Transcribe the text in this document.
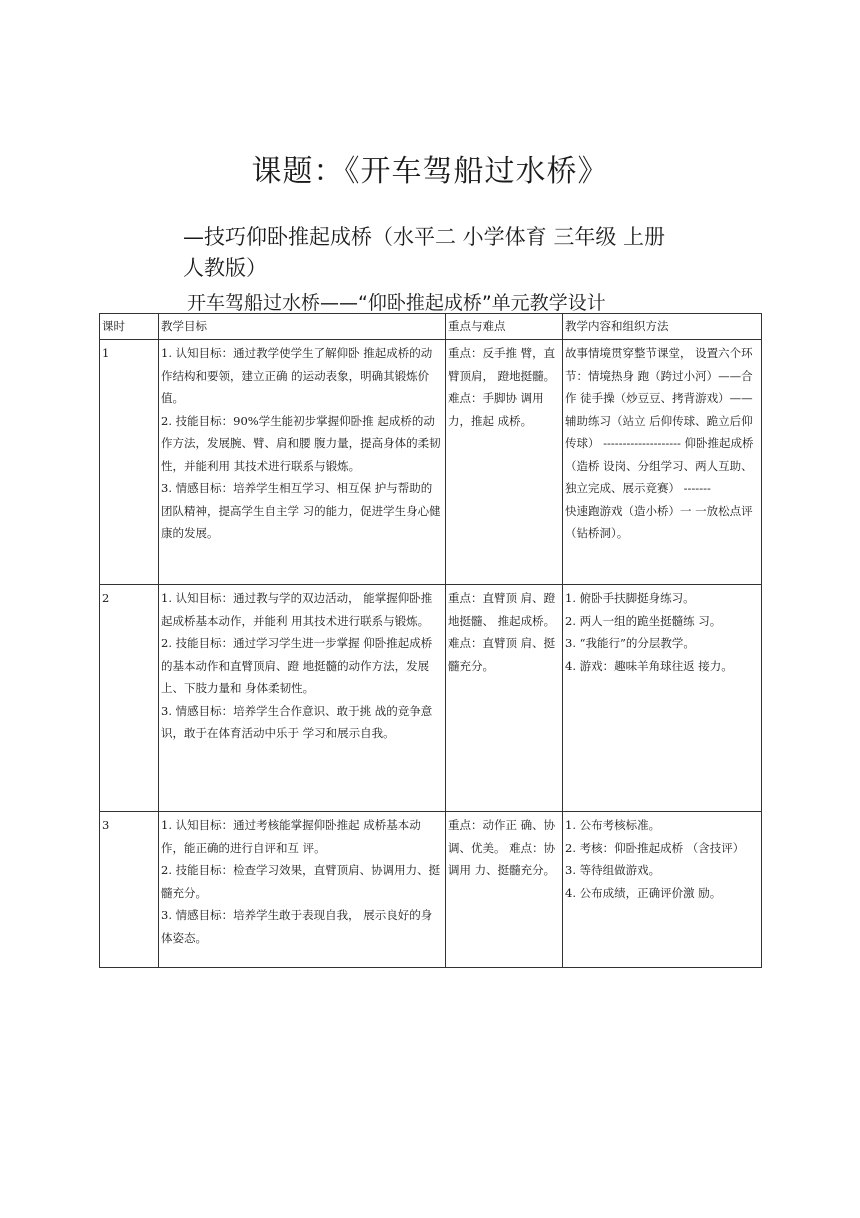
课题：《开车驾船过水桥》
—技巧仰卧推起成桥（水平二 小学体育 三年级 上册 人教版）
开车驾船过水桥——“仰卧推起成桥”单元教学设计
课时	教学目标	重点与难点	教学内容和组织方法
1	1. 认知目标：通过教学使学生了解仰卧 推起成桥的动作结构和要领，建立正确 的运动表象，明确其锻炼价值。
2. 技能目标：90%学生能初步掌握仰卧推 起成桥的动作方法，发展腕、臂、肩和腰 腹力量，提高身体的柔韧性，并能利用 其技术进行联系与锻炼。
3. 情感目标：培养学生相互学习、相互保 护与帮助的团队精神，提高学生自主学 习的能力，促进学生身心健康的发展。	重点：反手推 臂，直臂顶肩， 蹬地挺髓。
难点：手脚协 调用力，推起 成桥。	故事情境贯穿整节课堂， 设置六个环节：情境热身 跑（跨过小河）——合作 徒手操（炒豆豆、拷背游戏）——辅助练习（站立 后仰传球、跪立后仰传球） -------------------- 仰卧推起成桥（造桥 设岗、分组学习、两人互助、 独立完成、展示竞赛） -------
快速跑游戏（造小桥）一 一放松点评（钻桥洞）。

2	1. 认知目标：通过教与学的双边活动， 能掌握仰卧推起成桥基本动作，并能利 用其技术进行联系与锻炼。
2. 技能目标：通过学习学生进一步掌握 仰卧推起成桥的基本动作和直臂顶肩、蹬 地挺髓的动作方法，发展上、下肢力量和 身体柔韧性。
3. 情感目标：培养学生合作意识、敢于挑 战的竞争意识，敢于在体育活动中乐于 学习和展示自我。	重点：直臂顶 肩、蹬地挺髓、 推起成桥。
难点：直臂顶 肩、挺髓充分。	1. 俯卧手扶脚挺身练习。
2. 两人一组的跪坐挺髓练 习。
3. “我能行”的分层教学。
4. 游戏：趣味羊角球往返 接力。

3	1. 认知目标：通过考核能掌握仰卧推起 成桥基本动作，能正确的进行自评和互 评。
2. 技能目标：检查学习效果，直臂顶肩、协调用力、挺髓充分。
3. 情感目标：培养学生敢于表现自我， 展示良好的身体姿态。	重点：动作正 确、协调、优美。 难点：协调用 力、挺髓充分。	1. 公布考核标准。
2. 考核：仰卧推起成桥 （含技评）
3. 等待组做游戏。
4. 公布成绩，正确评价激 励。
